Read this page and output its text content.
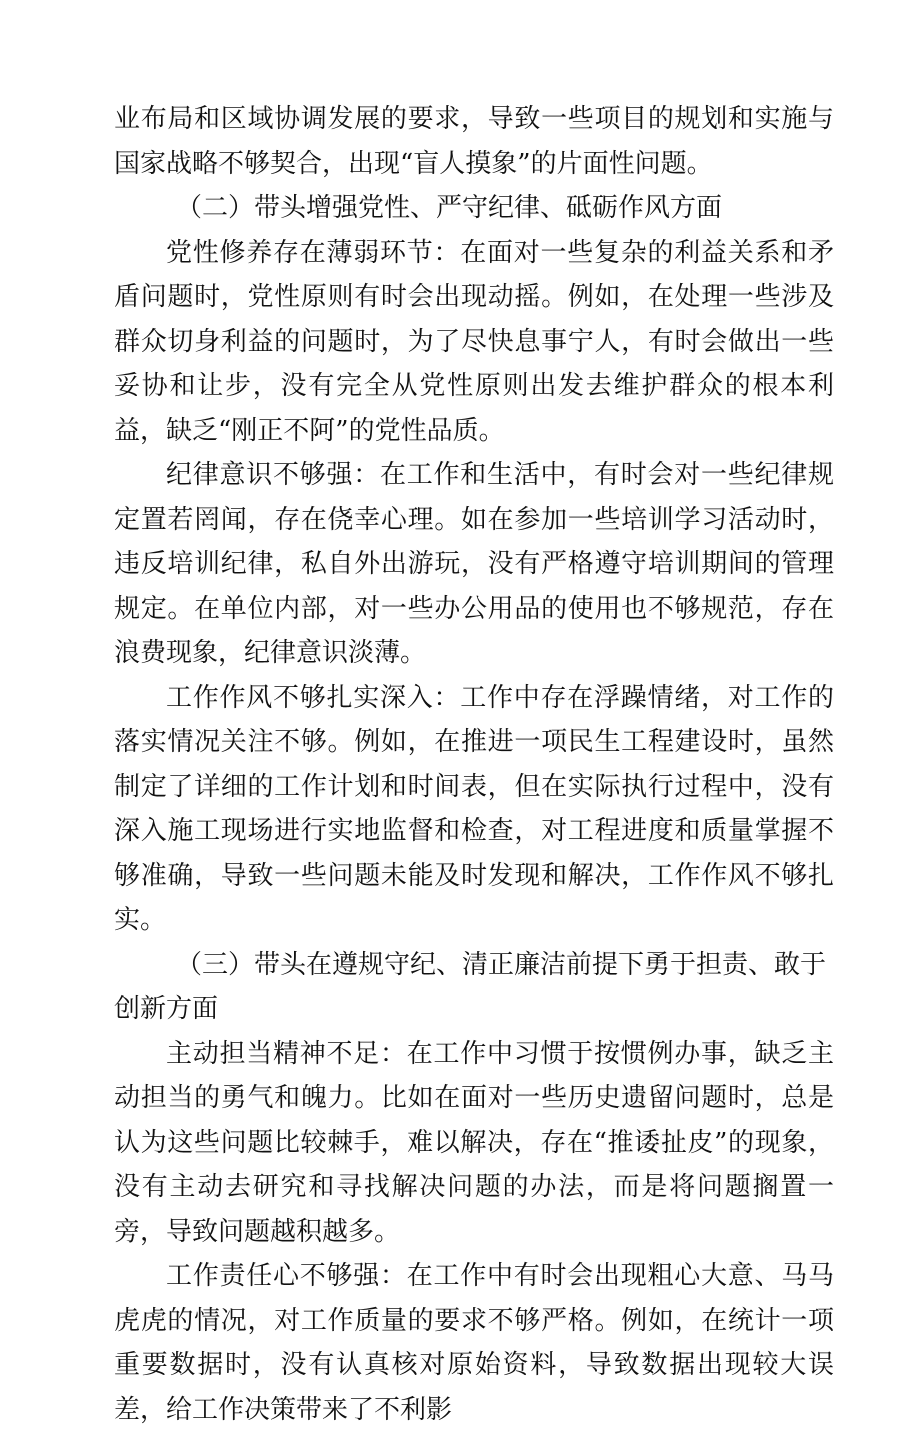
业布局和区域协调发展的要求，导致一些项目的规划和实施与国家战略不够契合，出现“盲人摸象”的片面性问题。

（二）带头增强党性、严守纪律、砥砺作风方面

党性修养存在薄弱环节：在面对一些复杂的利益关系和矛盾问题时，党性原则有时会出现动摇。例如，在处理一些涉及群众切身利益的问题时，为了尽快息事宁人，有时会做出一些妥协和让步，没有完全从党性原则出发去维护群众的根本利益，缺乏“刚正不阿”的党性品质。

纪律意识不够强：在工作和生活中，有时会对一些纪律规定置若罔闻，存在侥幸心理。如在参加一些培训学习活动时，违反培训纪律，私自外出游玩，没有严格遵守培训期间的管理规定。在单位内部，对一些办公用品的使用也不够规范，存在浪费现象，纪律意识淡薄。

工作作风不够扎实深入：工作中存在浮躁情绪，对工作的落实情况关注不够。例如，在推进一项民生工程建设时，虽然制定了详细的工作计划和时间表，但在实际执行过程中，没有深入施工现场进行实地监督和检查，对工程进度和质量掌握不够准确，导致一些问题未能及时发现和解决，工作作风不够扎实。

（三）带头在遵规守纪、清正廉洁前提下勇于担责、敢于创新方面

主动担当精神不足：在工作中习惯于按惯例办事，缺乏主动担当的勇气和魄力。比如在面对一些历史遗留问题时，总是认为这些问题比较棘手，难以解决，存在“推诿扯皮”的现象，没有主动去研究和寻找解决问题的办法，而是将问题搁置一旁，导致问题越积越多。

工作责任心不够强：在工作中有时会出现粗心大意、马马虎虎的情况，对工作质量的要求不够严格。例如，在统计一项重要数据时，没有认真核对原始资料，导致数据出现较大误差，给工作决策带来了不利影
